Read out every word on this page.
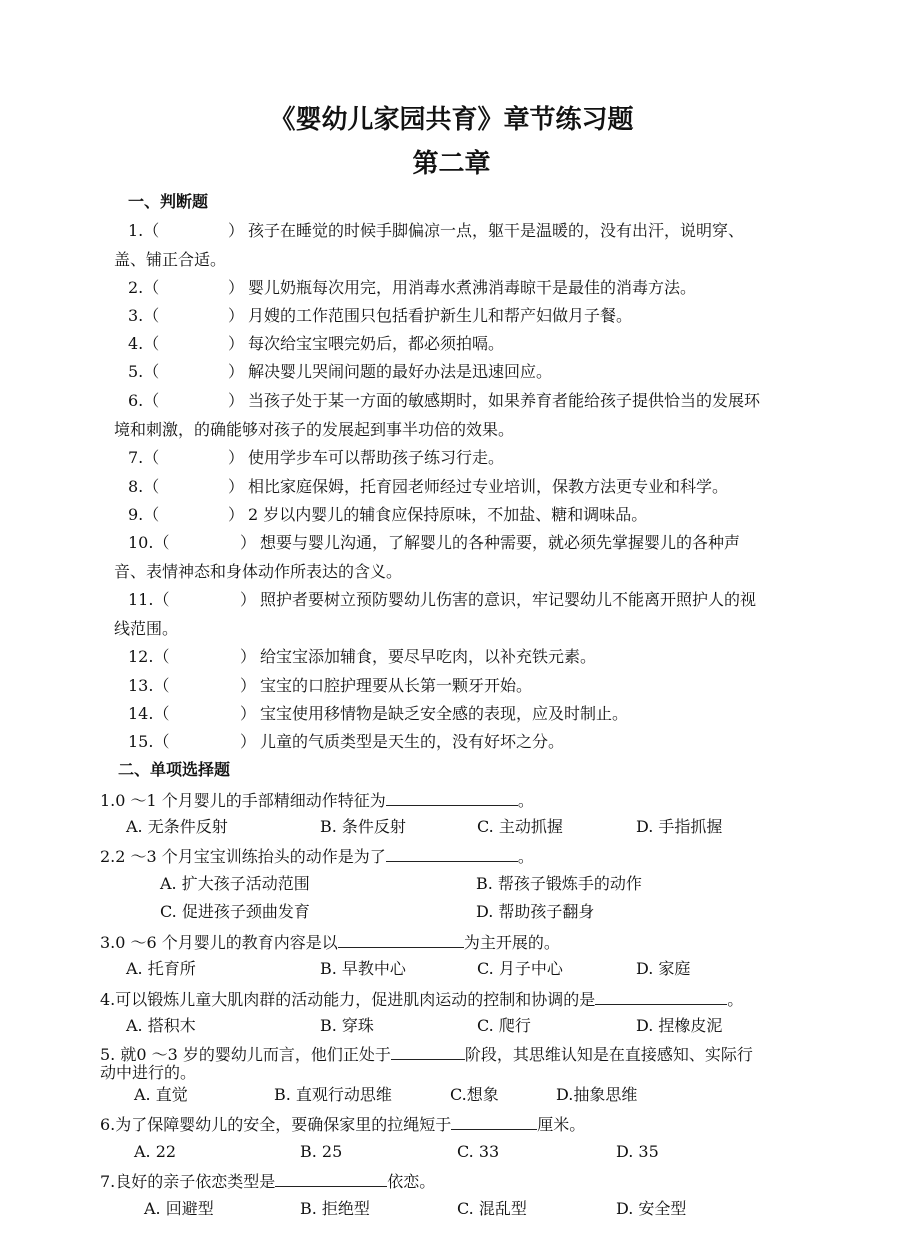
《婴幼儿家园共育》章节练习题
第二章
一、判断题
1.（	） 孩子在睡觉的时候手脚偏凉一点，躯干是温暖的，没有出汗，说明穿、
盖、铺正合适。
2.（	） 婴儿奶瓶每次用完，用消毒水煮沸消毒晾干是最佳的消毒方法。
3.（	） 月嫂的工作范围只包括看护新生儿和帮产妇做月子餐。
4.（	） 每次给宝宝喂完奶后，都必须拍嗝。
5.（	） 解决婴儿哭闹问题的最好办法是迅速回应。
6.（	） 当孩子处于某一方面的敏感期时，如果养育者能给孩子提供恰当的发展环
境和刺激，的确能够对孩子的发展起到事半功倍的效果。
7.（	） 使用学步车可以帮助孩子练习行走。
8.（	） 相比家庭保姆，托育园老师经过专业培训，保教方法更专业和科学。
9.（	） 2 岁以内婴儿的辅食应保持原味，不加盐、糖和调味品。
10.（	） 想要与婴儿沟通，了解婴儿的各种需要，就必须先掌握婴儿的各种声
音、表情神态和身体动作所表达的含义。
11.（	） 照护者要树立预防婴幼儿伤害的意识，牢记婴幼儿不能离开照护人的视
线范围。
12.（	） 给宝宝添加辅食，要尽早吃肉，以补充铁元素。
13.（	） 宝宝的口腔护理要从长第一颗牙开始。
14.（	） 宝宝使用移情物是缺乏安全感的表现，应及时制止。
15.（	） 儿童的气质类型是天生的，没有好坏之分。
二、单项选择题
1.0 ～1 个月婴儿的手部精细动作特征为	。
A. 无条件反射	B. 条件反射	C. 主动抓握	D. 手指抓握
2.2 ～3 个月宝宝训练抬头的动作是为了	。
A. 扩大孩子活动范围	B. 帮孩子锻炼手的动作
C. 促进孩子颈曲发育	D. 帮助孩子翻身
3.0 ～6 个月婴儿的教育内容是以	为主开展的。
A. 托育所	B. 早教中心	C. 月子中心	D. 家庭
4.可以锻炼儿童大肌肉群的活动能力，促进肌肉运动的控制和协调的是	。
A. 搭积木	B. 穿珠	C. 爬行	D. 捏橡皮泥
5. 就0 ～3 岁的婴幼儿而言，他们正处于	阶段，其思维认知是在直接感知、实际行
动中进行的。
A. 直觉	B. 直观行动思维	C.想象	D.抽象思维
6.为了保障婴幼儿的安全，要确保家里的拉绳短于	厘米。
A. 22	B. 25	C. 33	D. 35
7.良好的亲子依恋类型是	依恋。
A. 回避型	B. 拒绝型	C. 混乱型	D. 安全型
